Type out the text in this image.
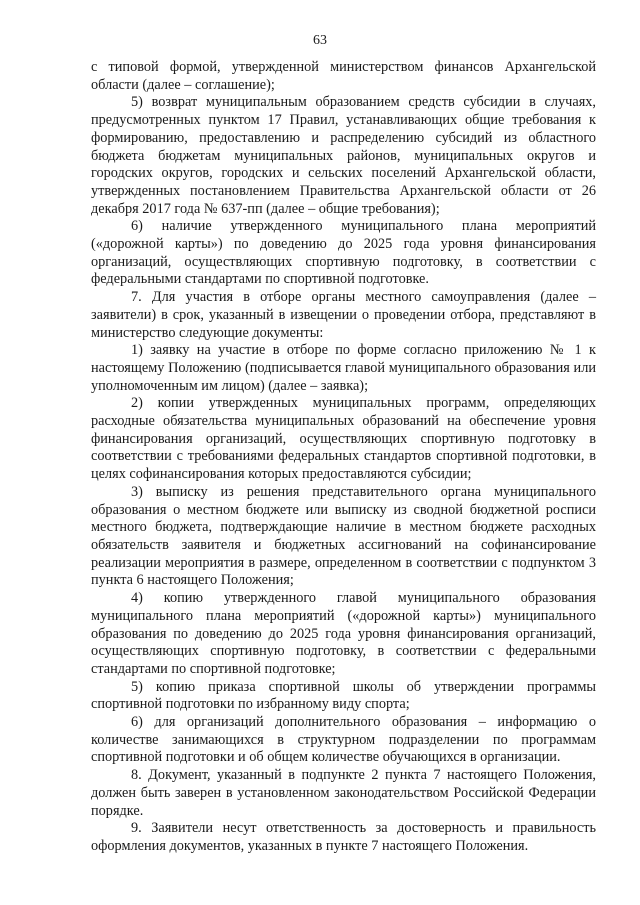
63

с типовой формой, утвержденной министерством финансов Архангельской области (далее – соглашение);

5) возврат муниципальным образованием средств субсидии в случаях, предусмотренных пунктом 17 Правил, устанавливающих общие требования к формированию, предоставлению и распределению субсидий из областного бюджета бюджетам муниципальных районов, муниципальных округов и городских округов, городских и сельских поселений Архангельской области, утвержденных постановлением Правительства Архангельской области от 26 декабря 2017 года № 637-пп (далее – общие требования);

6) наличие утвержденного муниципального плана мероприятий («дорожной карты») по доведению до 2025 года уровня финансирования организаций, осуществляющих спортивную подготовку, в соответствии с федеральными стандартами по спортивной подготовке.

7. Для участия в отборе органы местного самоуправления (далее – заявители) в срок, указанный в извещении о проведении отбора, представляют в министерство следующие документы:

1) заявку на участие в отборе по форме согласно приложению № 1 к настоящему Положению (подписывается главой муниципального образования или уполномоченным им лицом) (далее – заявка);

2) копии утвержденных муниципальных программ, определяющих расходные обязательства муниципальных образований на обеспечение уровня финансирования организаций, осуществляющих спортивную подготовку в соответствии с требованиями федеральных стандартов спортивной подготовки, в целях софинансирования которых предоставляются субсидии;

3) выписку из решения представительного органа муниципального образования о местном бюджете или выписку из сводной бюджетной росписи местного бюджета, подтверждающие наличие в местном бюджете расходных обязательств заявителя и бюджетных ассигнований на софинансирование реализации мероприятия в размере, определенном в соответствии с подпунктом 3 пункта 6 настоящего Положения;

4) копию утвержденного главой муниципального образования муниципального плана мероприятий («дорожной карты») муниципального образования по доведению до 2025 года уровня финансирования организаций, осуществляющих спортивную подготовку, в соответствии с федеральными стандартами по спортивной подготовке;

5) копию приказа спортивной школы об утверждении программы спортивной подготовки по избранному виду спорта;

6) для организаций дополнительного образования – информацию о количестве занимающихся в структурном подразделении по программам спортивной подготовки и об общем количестве обучающихся в организации.

8. Документ, указанный в подпункте 2 пункта 7 настоящего Положения, должен быть заверен в установленном законодательством Российской Федерации порядке.

9. Заявители несут ответственность за достоверность и правильность оформления документов, указанных в пункте 7 настоящего Положения.
